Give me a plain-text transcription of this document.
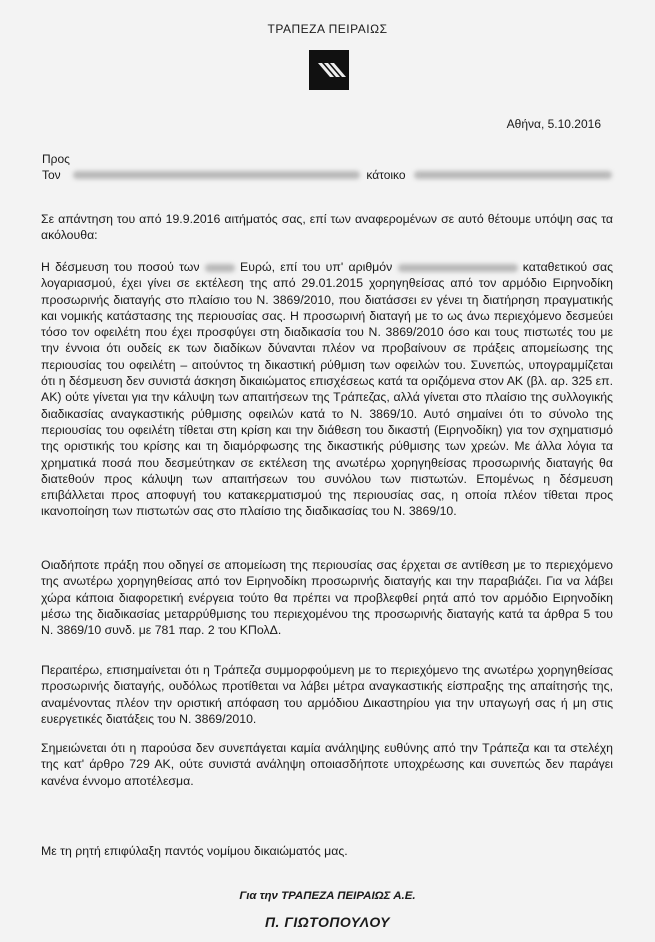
ΤΡΑΠΕΖΑ ΠΕΙΡΑΙΩΣ
Αθήνα, 5.10.2016
Προς
Τον	κάτοικο

Σε απάντηση του από 19.9.2016 αιτήματός σας, επί των αναφερομένων σε αυτό θέτουμε υπόψη σας τα ακόλουθα:

Η δέσμευση του ποσού των	Ευρώ, επί του υπ' αριθμόν	καταθετικού σας λογαριασμού, έχει γίνει σε εκτέλεση της από 29.01.2015 χορηγηθείσας από τον αρμόδιο Ειρηνοδίκη προσωρινής διαταγής στο πλαίσιο του Ν. 3869/2010, που διατάσσει εν γένει τη διατήρηση πραγματικής και νομικής κατάστασης της περιουσίας σας. Η προσωρινή διαταγή με το ως άνω περιεχόμενο δεσμεύει τόσο τον οφειλέτη που έχει προσφύγει στη διαδικασία του Ν. 3869/2010 όσο και τους πιστωτές του με την έννοια ότι ουδείς εκ των διαδίκων δύνανται πλέον να προβαίνουν σε πράξεις απομείωσης της περιουσίας του οφειλέτη – αιτούντος τη δικαστική ρύθμιση των οφειλών του. Συνεπώς, υπογραμμίζεται ότι η δέσμευση δεν συνιστά άσκηση δικαιώματος επισχέσεως κατά τα οριζόμενα στον ΑΚ (βλ. αρ. 325 επ. ΑΚ) ούτε γίνεται για την κάλυψη των απαιτήσεων της Τράπεζας, αλλά γίνεται στο πλαίσιο της συλλογικής διαδικασίας αναγκαστικής ρύθμισης οφειλών κατά το Ν. 3869/10. Αυτό σημαίνει ότι το σύνολο της περιουσίας του οφειλέτη τίθεται στη κρίση και την διάθεση του δικαστή (Ειρηνοδίκη) για τον σχηματισμό της οριστικής του κρίσης και τη διαμόρφωσης της δικαστικής ρύθμισης των χρεών. Με άλλα λόγια τα χρηματικά ποσά που δεσμεύτηκαν σε εκτέλεση της ανωτέρω χορηγηθείσας προσωρινής διαταγής θα διατεθούν προς κάλυψη των απαιτήσεων του συνόλου των πιστωτών. Επομένως η δέσμευση επιβάλλεται προς αποφυγή του κατακερματισμού της περιουσίας σας, η οποία πλέον τίθεται προς ικανοποίηση των πιστωτών σας στο πλαίσιο της διαδικασίας του Ν. 3869/10.

Οιαδήποτε πράξη που οδηγεί σε απομείωση της περιουσίας σας έρχεται σε αντίθεση με το περιεχόμενο της ανωτέρω χορηγηθείσας από τον Ειρηνοδίκη προσωρινής διαταγής και την παραβιάζει. Για να λάβει χώρα κάποια διαφορετική ενέργεια τούτο θα πρέπει να προβλεφθεί ρητά από τον αρμόδιο Ειρηνοδίκη μέσω της διαδικασίας μεταρρύθμισης του περιεχομένου της προσωρινής διαταγής κατά τα άρθρα 5 του Ν. 3869/10 συνδ. με 781 παρ. 2 του ΚΠολΔ.

Περαιτέρω, επισημαίνεται ότι η Τράπεζα συμμορφούμενη με το περιεχόμενο της ανωτέρω χορηγηθείσας προσωρινής διαταγής, ουδόλως προτίθεται να λάβει μέτρα αναγκαστικής είσπραξης της απαίτησής της, αναμένοντας πλέον την οριστική απόφαση του αρμόδιου Δικαστηρίου για την υπαγωγή σας ή μη στις ευεργετικές διατάξεις του Ν. 3869/2010.

Σημειώνεται ότι η παρούσα δεν συνεπάγεται καμία ανάληψης ευθύνης από την Τράπεζα και τα στελέχη της κατ' άρθρο 729 ΑΚ, ούτε συνιστά ανάληψη οποιασδήποτε υποχρέωσης και συνεπώς δεν παράγει κανένα έννομο αποτέλεσμα.

Με τη ρητή επιφύλαξη παντός νομίμου δικαιώματός μας.

Για την ΤΡΑΠΕΖΑ ΠΕΙΡΑΙΩΣ Α.Ε.
Π. ΓΙΩΤΟΠΟΥΛΟΥ
